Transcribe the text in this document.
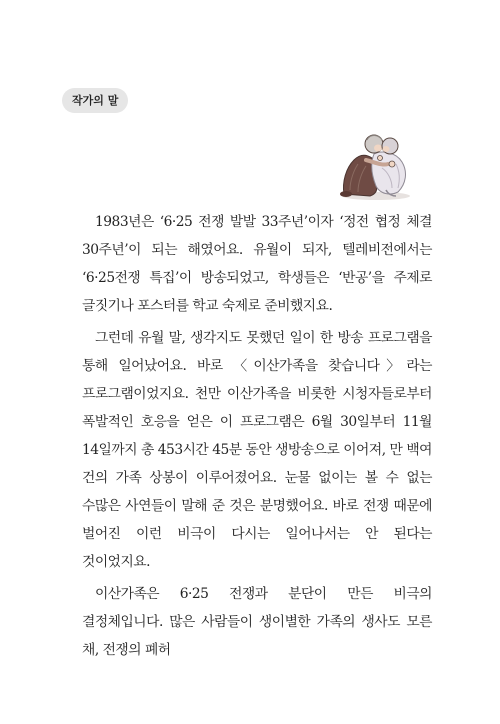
작가의 말

1983년은 ‘6·25 전쟁 발발 33주년’이자 ‘정전 협정 체결 30주년’이 되는 해였어요. 유월이 되자, 텔레비전에서는 ‘6·25전쟁 특집’이 방송되었고, 학생들은 ‘반공’을 주제로 글짓기나 포스터를 학교 숙제로 준비했지요.

그런데 유월 말, 생각지도 못했던 일이 한 방송 프로그램을 통해 일어났어요. 바로 〈이산가족을 찾습니다〉라는 프로그램이었지요. 천만 이산가족을 비롯한 시청자들로부터 폭발적인 호응을 얻은 이 프로그램은 6월 30일부터 11월 14일까지 총 453시간 45분 동안 생방송으로 이어져, 만 백여 건의 가족 상봉이 이루어졌어요. 눈물 없이는 볼 수 없는 수많은 사연들이 말해 준 것은 분명했어요. 바로 전쟁 때문에 벌어진 이런 비극이 다시는 일어나서는 안 된다는 것이었지요.

이산가족은 6·25 전쟁과 분단이 만든 비극의 결정체입니다. 많은 사람들이 생이별한 가족의 생사도 모른 채, 전쟁의 폐허
